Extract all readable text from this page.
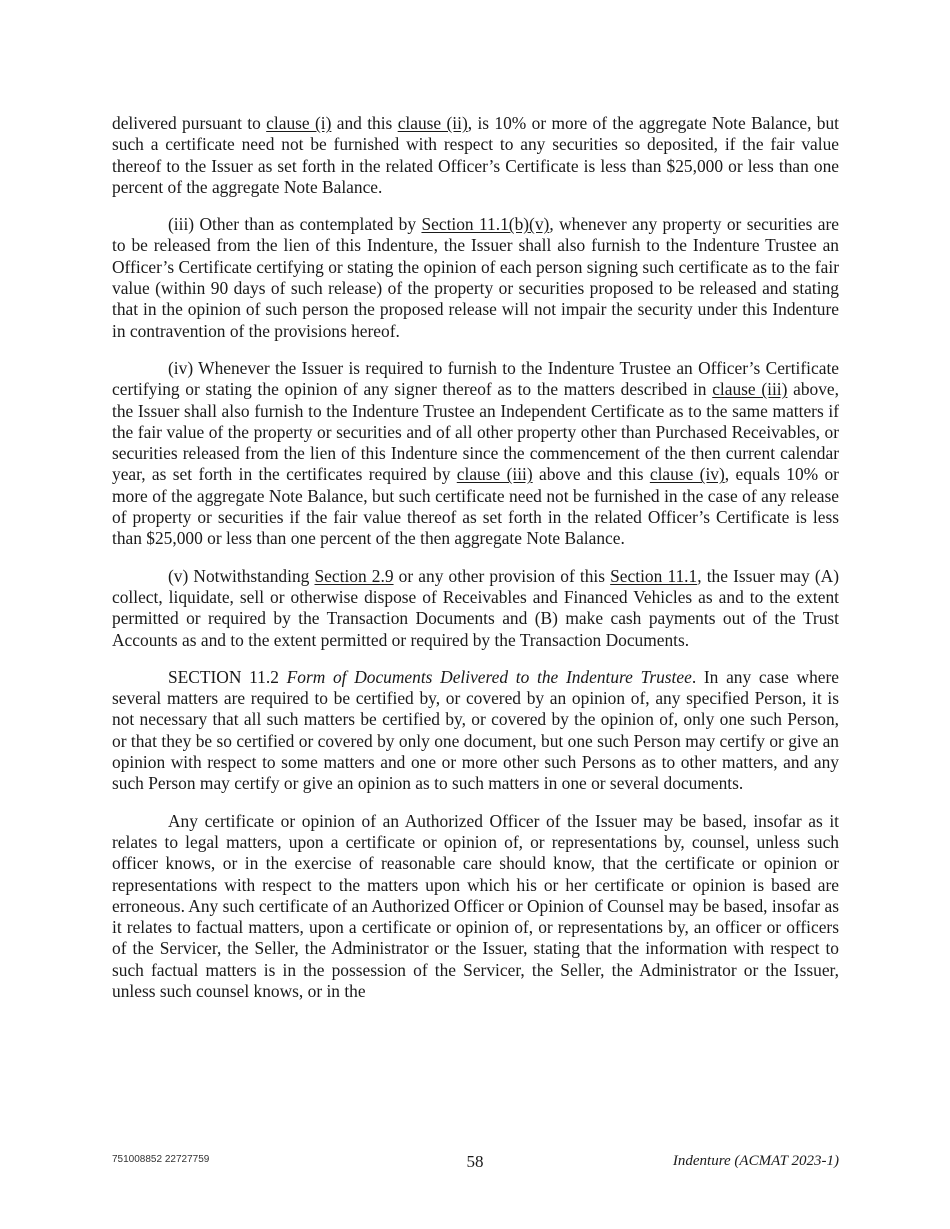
delivered pursuant to clause (i) and this clause (ii), is 10% or more of the aggregate Note Balance, but such a certificate need not be furnished with respect to any securities so deposited, if the fair value thereof to the Issuer as set forth in the related Officer’s Certificate is less than $25,000 or less than one percent of the aggregate Note Balance.

(iii) Other than as contemplated by Section 11.1(b)(v), whenever any property or securities are to be released from the lien of this Indenture, the Issuer shall also furnish to the Indenture Trustee an Officer’s Certificate certifying or stating the opinion of each person signing such certificate as to the fair value (within 90 days of such release) of the property or securities proposed to be released and stating that in the opinion of such person the proposed release will not impair the security under this Indenture in contravention of the provisions hereof.

(iv) Whenever the Issuer is required to furnish to the Indenture Trustee an Officer’s Certificate certifying or stating the opinion of any signer thereof as to the matters described in clause (iii) above, the Issuer shall also furnish to the Indenture Trustee an Independent Certificate as to the same matters if the fair value of the property or securities and of all other property other than Purchased Receivables, or securities released from the lien of this Indenture since the commencement of the then current calendar year, as set forth in the certificates required by clause (iii) above and this clause (iv), equals 10% or more of the aggregate Note Balance, but such certificate need not be furnished in the case of any release of property or securities if the fair value thereof as set forth in the related Officer’s Certificate is less than $25,000 or less than one percent of the then aggregate Note Balance.

(v) Notwithstanding Section 2.9 or any other provision of this Section 11.1, the Issuer may (A) collect, liquidate, sell or otherwise dispose of Receivables and Financed Vehicles as and to the extent permitted or required by the Transaction Documents and (B) make cash payments out of the Trust Accounts as and to the extent permitted or required by the Transaction Documents.

SECTION 11.2 Form of Documents Delivered to the Indenture Trustee. In any case where several matters are required to be certified by, or covered by an opinion of, any specified Person, it is not necessary that all such matters be certified by, or covered by the opinion of, only one such Person, or that they be so certified or covered by only one document, but one such Person may certify or give an opinion with respect to some matters and one or more other such Persons as to other matters, and any such Person may certify or give an opinion as to such matters in one or several documents.

Any certificate or opinion of an Authorized Officer of the Issuer may be based, insofar as it relates to legal matters, upon a certificate or opinion of, or representations by, counsel, unless such officer knows, or in the exercise of reasonable care should know, that the certificate or opinion or representations with respect to the matters upon which his or her certificate or opinion is based are erroneous. Any such certificate of an Authorized Officer or Opinion of Counsel may be based, insofar as it relates to factual matters, upon a certificate or opinion of, or representations by, an officer or officers of the Servicer, the Seller, the Administrator or the Issuer, stating that the information with respect to such factual matters is in the possession of the Servicer, the Seller, the Administrator or the Issuer, unless such counsel knows, or in the

751008852 22727759	58	Indenture (ACMAT 2023-1)
